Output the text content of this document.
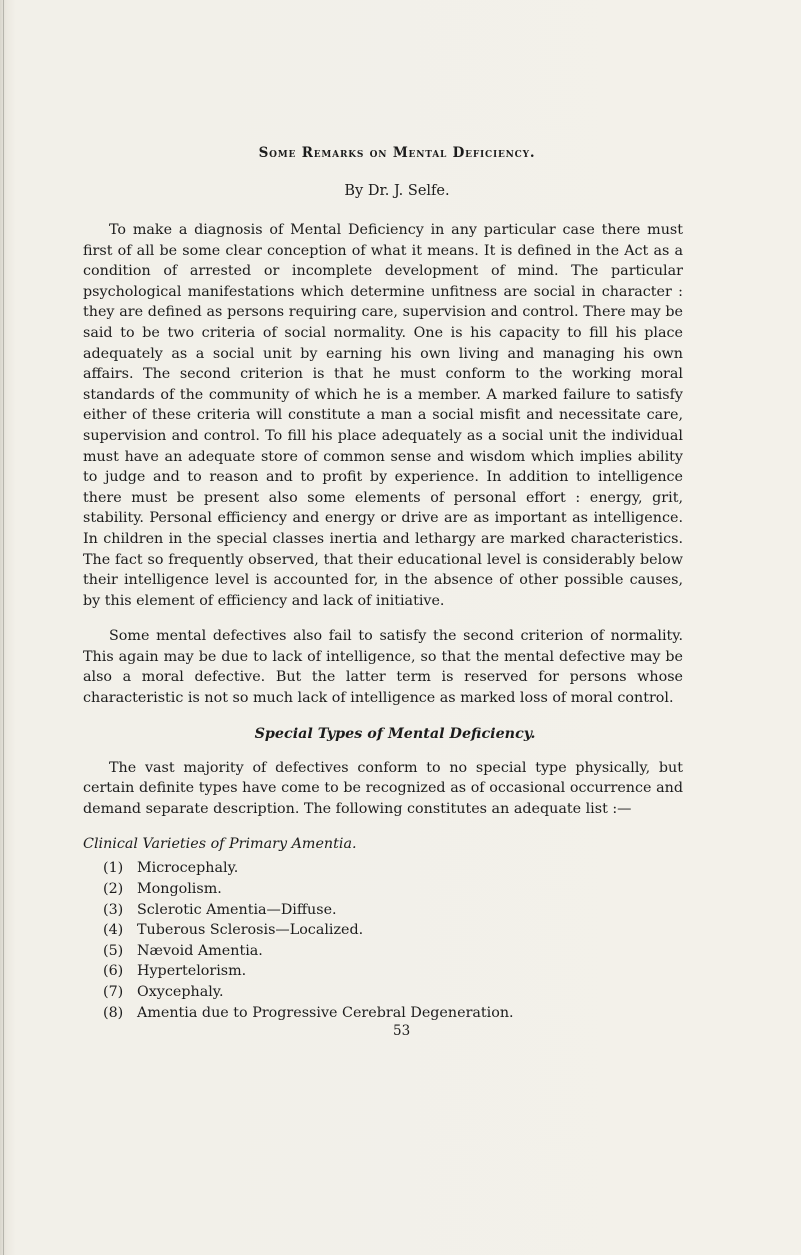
Some Remarks on Mental Deficiency.
By Dr. J. Selfe.

To make a diagnosis of Mental Deficiency in any particular case there must first of all be some clear conception of what it means. It is defined in the Act as a condition of arrested or incomplete development of mind. The particular psychological manifestations which determine unfitness are social in character : they are defined as persons requiring care, supervision and control. There may be said to be two criteria of social normality. One is his capacity to fill his place adequately as a social unit by earning his own living and managing his own affairs. The second criterion is that he must conform to the working moral standards of the community of which he is a member. A marked failure to satisfy either of these criteria will constitute a man a social misfit and necessitate care, supervision and control. To fill his place adequately as a social unit the individual must have an adequate store of common sense and wisdom which implies ability to judge and to reason and to profit by experience. In addition to intelligence there must be present also some elements of personal effort : energy, grit, stability. Personal efficiency and energy or drive are as important as intelligence. In children in the special classes inertia and lethargy are marked characteristics. The fact so frequently observed, that their educational level is considerably below their intelligence level is accounted for, in the absence of other possible causes, by this element of efficiency and lack of initiative.

Some mental defectives also fail to satisfy the second criterion of normality. This again may be due to lack of intelligence, so that the mental defective may be also a moral defective. But the latter term is reserved for persons whose characteristic is not so much lack of intelligence as marked loss of moral control.

Special Types of Mental Deficiency.

The vast majority of defectives conform to no special type physically, but certain definite types have come to be recognized as of occasional occurrence and demand separate description. The following constitutes an adequate list :—

Clinical Varieties of Primary Amentia.
(1) Microcephaly.
(2) Mongolism.
(3) Sclerotic Amentia—Diffuse.
(4) Tuberous Sclerosis—Localized.
(5) Nævoid Amentia.
(6) Hypertelorism.
(7) Oxycephaly.
(8) Amentia due to Progressive Cerebral Degeneration.
53
